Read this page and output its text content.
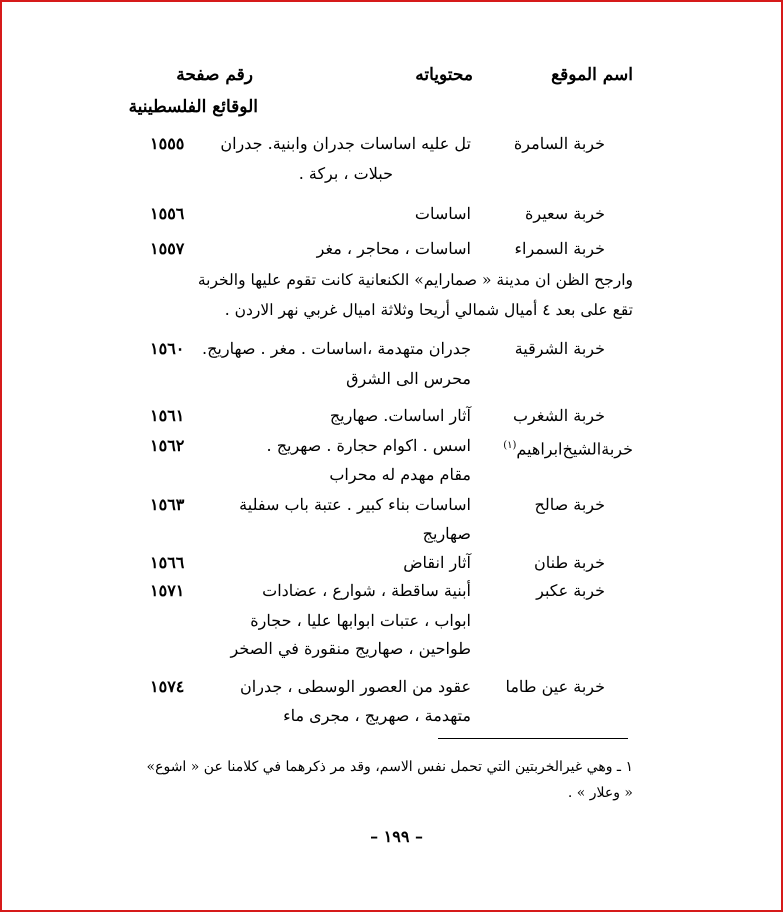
اسم الموقع
محتوياته
رقم صفحة
الوقائع الفلسطينية
خربة السامرة
تل عليه اساسات جدران وابنية. جدران
١٥٥٥
حبلات ، بركة .
خربة سعيرة
اساسات
١٥٥٦
خربة السمراء
اساسات ، محاجر ، مغر
١٥٥٧
وارجح الظن ان مدينة « صمارايم» الكنعانية كانت تقوم عليها والخربة
تقع على بعد ٤ أميال شمالي أريحا وثلاثة اميال غربي نهر الاردن .
خربة الشرقية
جدران متهدمة ،اساسات . مغر . صهاريج.
١٥٦٠
محرس الى الشرق
خربة الشغرب
آثار اساسات. صهاريج
١٥٦١
خربةالشيخ‌ابراهيم$^{(١)}$
اسس . اكوام حجارة . صهريج .
١٥٦٢
مقام مهدم له محراب
خربة صالح
اساسات بناء كبير . عتبة باب سفلية
١٥٦٣
صهاريج
خربة طنان
آثار انقاض
١٥٦٦
خربة عكبر
أبنية ساقطة ، شوارع ، عضادات
١٥٧١
ابواب ، عتبات ابوابها عليا ، حجارة
طواحين ، صهاريج منقورة في الصخر
خربة عين طاما
عقود من العصور الوسطى ، جدران
١٥٧٤
متهدمة ، صهريج ، مجرى ماء
١ ـ وهي غيرالخربتين التي تحمل نفس الاسم، وقد مر ذكرهما في كلامنا عن « اشوع»
« وعلار » .
– ١٩٩ –
